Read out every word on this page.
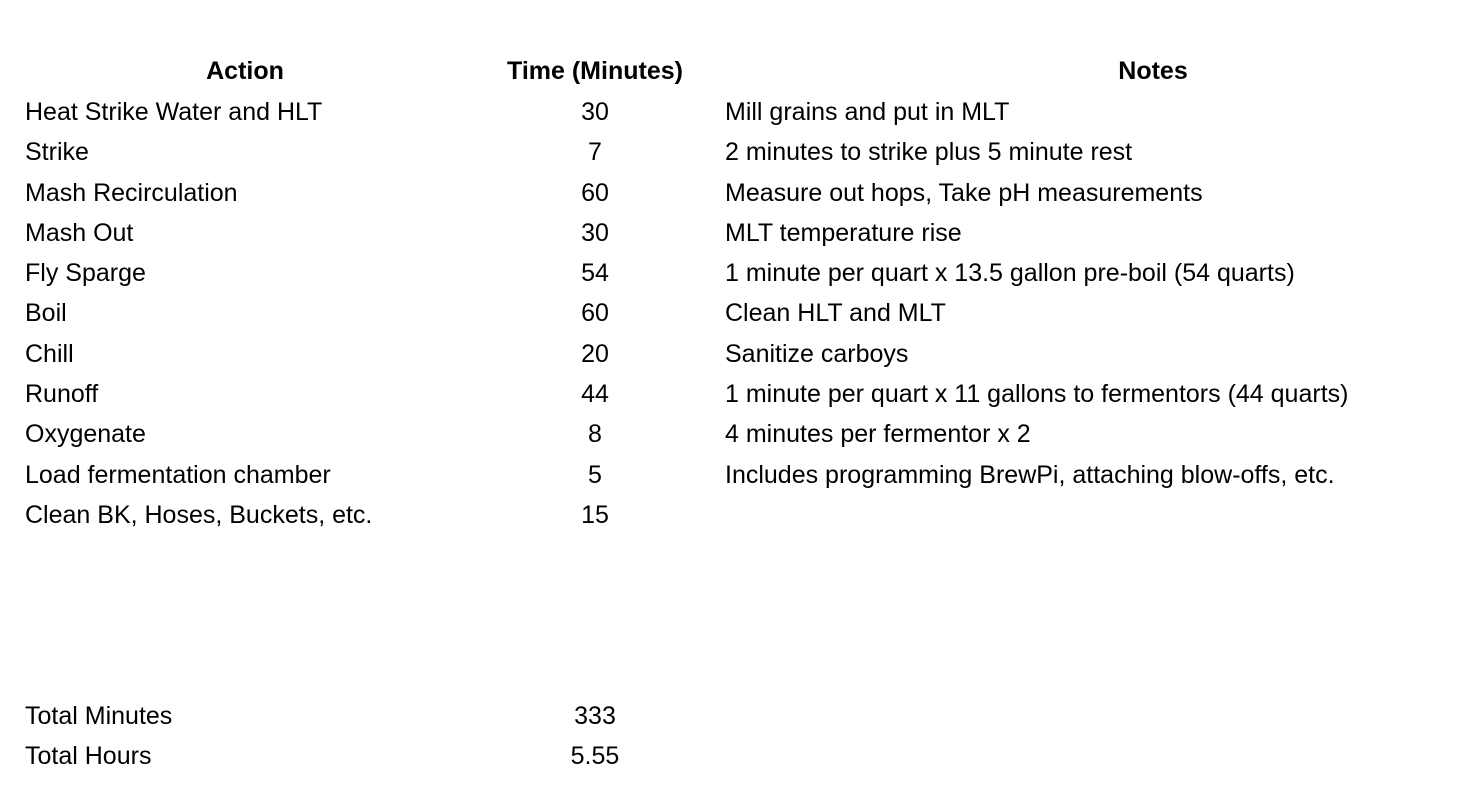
Action	Time (Minutes)	Notes
Heat Strike Water and HLT	30	Mill grains and put in MLT
Strike	7	2 minutes to strike plus 5 minute rest
Mash Recirculation	60	Measure out hops, Take pH measurements
Mash Out	30	MLT temperature rise
Fly Sparge	54	1 minute per quart x 13.5 gallon pre-boil (54 quarts)
Boil	60	Clean HLT and MLT
Chill	20	Sanitize carboys
Runoff	44	1 minute per quart x 11 gallons to fermentors (44 quarts)
Oxygenate	8	4 minutes per fermentor x 2
Load fermentation chamber	5	Includes programming BrewPi, attaching blow-offs, etc.
Clean BK, Hoses, Buckets, etc.	15
Total Minutes	333
Total Hours	5.55
